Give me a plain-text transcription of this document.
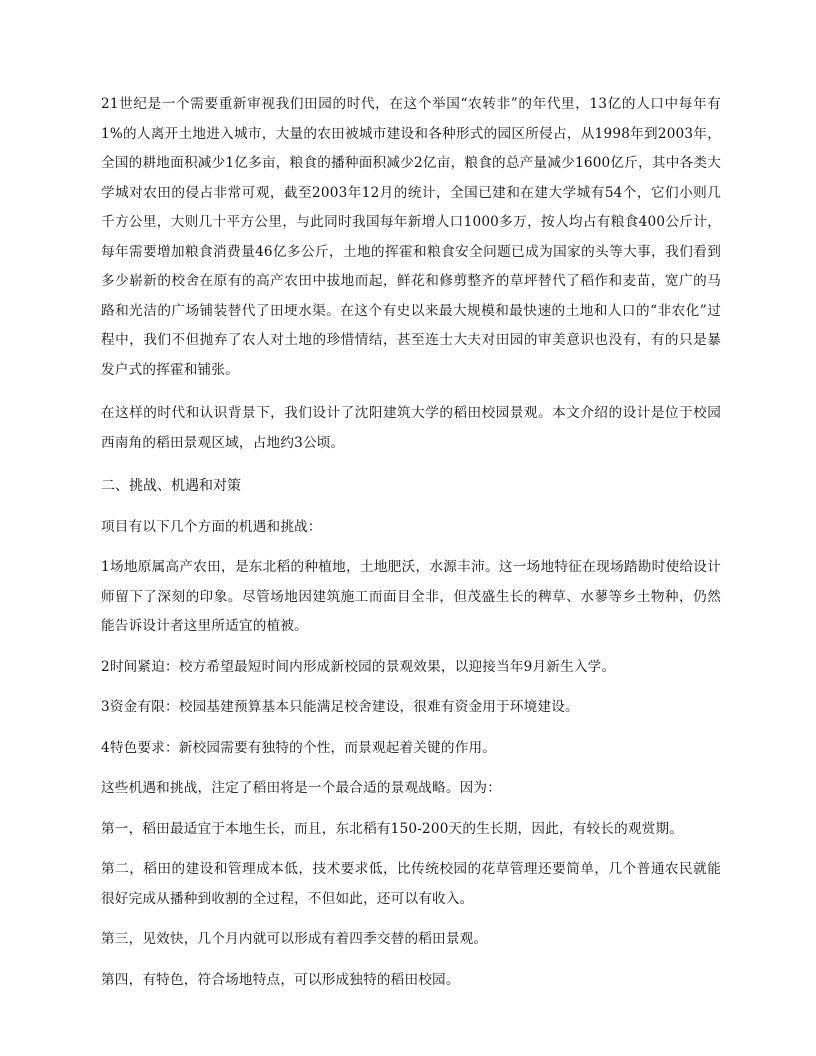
21世纪是一个需要重新审视我们田园的时代，在这个举国“农转非”的年代里，13亿的人口中每年有1%的人离开土地进入城市，大量的农田被城市建设和各种形式的园区所侵占，从1998年到2003年，全国的耕地面积减少1亿多亩，粮食的播种面积减少2亿亩，粮食的总产量减少1600亿斤，其中各类大学城对农田的侵占非常可观，截至2003年12月的统计，全国已建和在建大学城有54个，它们小则几千方公里，大则几十平方公里，与此同时我国每年新增人口1000多万，按人均占有粮食400公斤计，每年需要增加粮食消费量46亿多公斤，土地的挥霍和粮食安全问题已成为国家的头等大事，我们看到多少崭新的校舍在原有的高产农田中拔地而起，鲜花和修剪整齐的草坪替代了稻作和麦苗，宽广的马路和光洁的广场铺装替代了田埂水渠。在这个有史以来最大规模和最快速的土地和人口的“非农化”过程中，我们不但抛弃了农人对土地的珍惜情结，甚至连士大夫对田园的审美意识也没有，有的只是暴发户式的挥霍和铺张。

在这样的时代和认识背景下，我们设计了沈阳建筑大学的稻田校园景观。本文介绍的设计是位于校园西南角的稻田景观区域，占地约3公顷。

二、挑战、机遇和对策

项目有以下几个方面的机遇和挑战：

1场地原属高产农田，是东北稻的种植地，土地肥沃，水源丰沛。这一场地特征在现场踏勘时使给设计师留下了深刻的印象。尽管场地因建筑施工而面目全非，但茂盛生长的稗草、水蓼等乡土物种，仍然能告诉设计者这里所适宜的植被。

2时间紧迫：校方希望最短时间内形成新校园的景观效果，以迎接当年9月新生入学。

3资金有限：校园基建预算基本只能满足校舍建设，很难有资金用于环境建设。

4特色要求：新校园需要有独特的个性，而景观起着关键的作用。

这些机遇和挑战，注定了稻田将是一个最合适的景观战略。因为：

第一，稻田最适宜于本地生长，而且，东北稻有150-200天的生长期，因此，有较长的观赏期。

第二，稻田的建设和管理成本低，技术要求低，比传统校园的花草管理还要简单，几个普通农民就能很好完成从播种到收割的全过程，不但如此，还可以有收入。

第三，见效快，几个月内就可以形成有着四季交替的稻田景观。

第四，有特色，符合场地特点，可以形成独特的稻田校园。
